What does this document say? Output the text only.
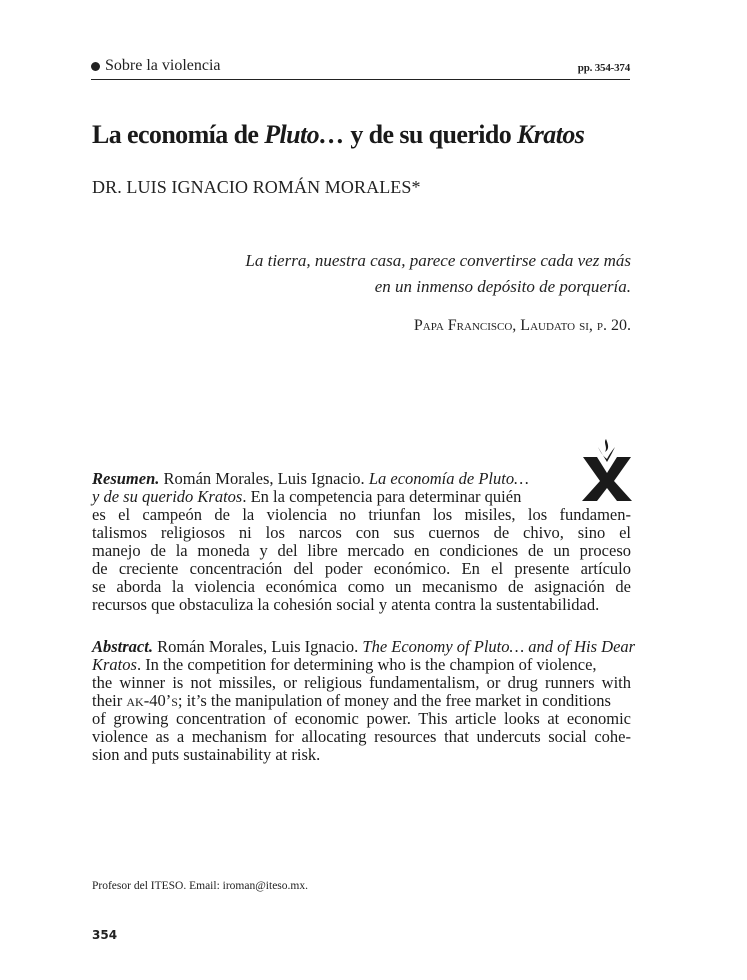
Sobre la violencia	pp. 354-374
La economía de Pluto… y de su querido Kratos
DR. LUIS IGNACIO ROMÁN MORALES*
La tierra, nuestra casa, parece convertirse cada vez más
en un inmenso depósito de porquería.
Papa Francisco, Laudato si, p. 20.
Resumen. Román Morales, Luis Ignacio. La economía de Pluto…
y de su querido Kratos. En la competencia para determinar quién
es el campeón de la violencia no triunfan los misiles, los fundamen-
talismos religiosos ni los narcos con sus cuernos de chivo, sino el
manejo de la moneda y del libre mercado en condiciones de un proceso
de creciente concentración del poder económico. En el presente artículo
se aborda la violencia económica como un mecanismo de asignación de
recursos que obstaculiza la cohesión social y atenta contra la sustentabilidad.
Abstract. Román Morales, Luis Ignacio. The Economy of Pluto… and of His Dear
Kratos. In the competition for determining who is the champion of violence,
the winner is not missiles, or religious fundamentalism, or drug runners with
their ak-40’s; it’s the manipulation of money and the free market in conditions
of growing concentration of economic power. This article looks at economic
violence as a mechanism for allocating resources that undercuts social cohe-
sion and puts sustainability at risk.
Profesor del ITESO. Email: iroman@iteso.mx.
354
